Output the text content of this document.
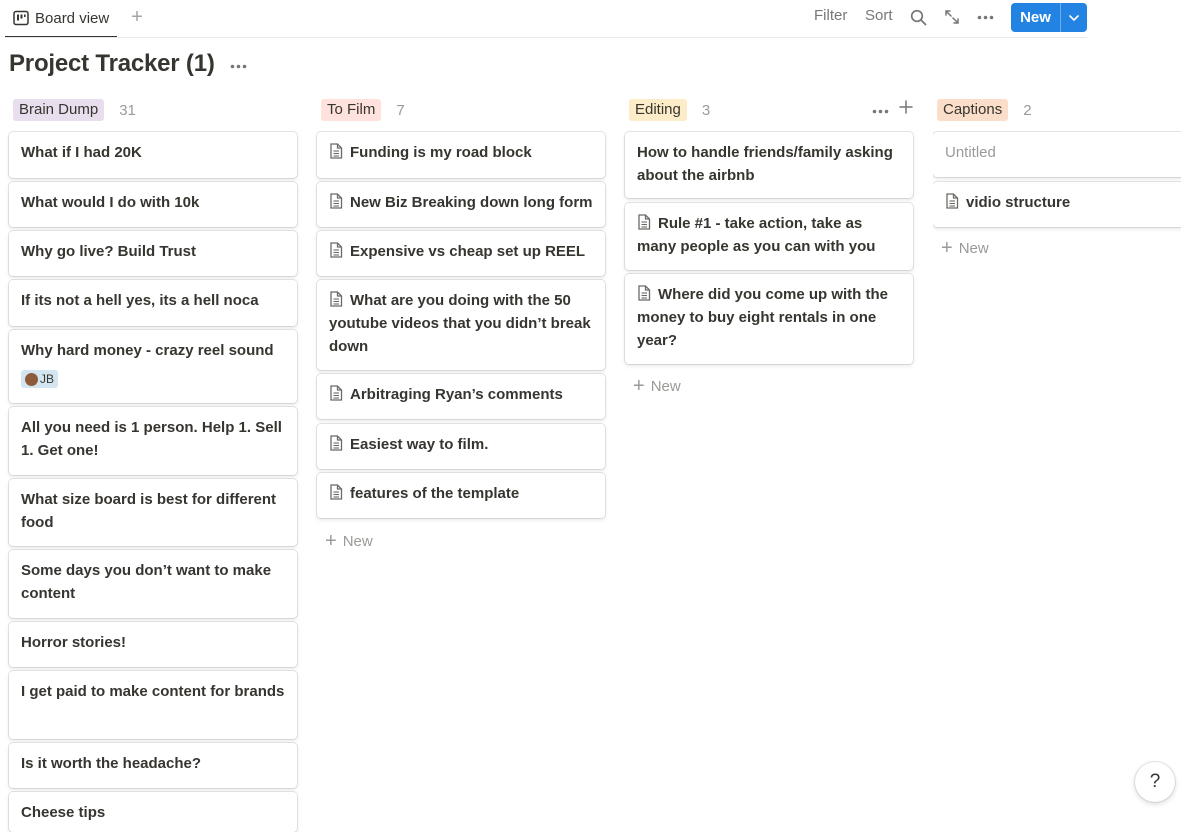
Board view +	Filter Sort	New
Project Tracker (1)
Brain Dump	31
What if I had 20K
What would I do with 10k
Why go live? Build Trust
If its not a hell yes, its a hell noca
Why hard money - crazy reel sound
JB
All you need is 1 person. Help 1. Sell 1. Get one!
What size board is best for different food
Some days you don’t want to make content
Horror stories!
I get paid to make content for brands
Is it worth the headache?
Cheese tips
To Film	7
Funding is my road block
New Biz Breaking down long form
Expensive vs cheap set up REEL
What are you doing with the 50 youtube videos that you didn’t break down
Arbitraging Ryan’s comments
Easiest way to film.
features of the template
+ New
Editing	3
How to handle friends/family asking about the airbnb
Rule #1 - take action, take as many people as you can with you
Where did you come up with the money to buy eight rentals in one year?
+ New
Captions	2
Untitled
vidio structure
+ New
?
